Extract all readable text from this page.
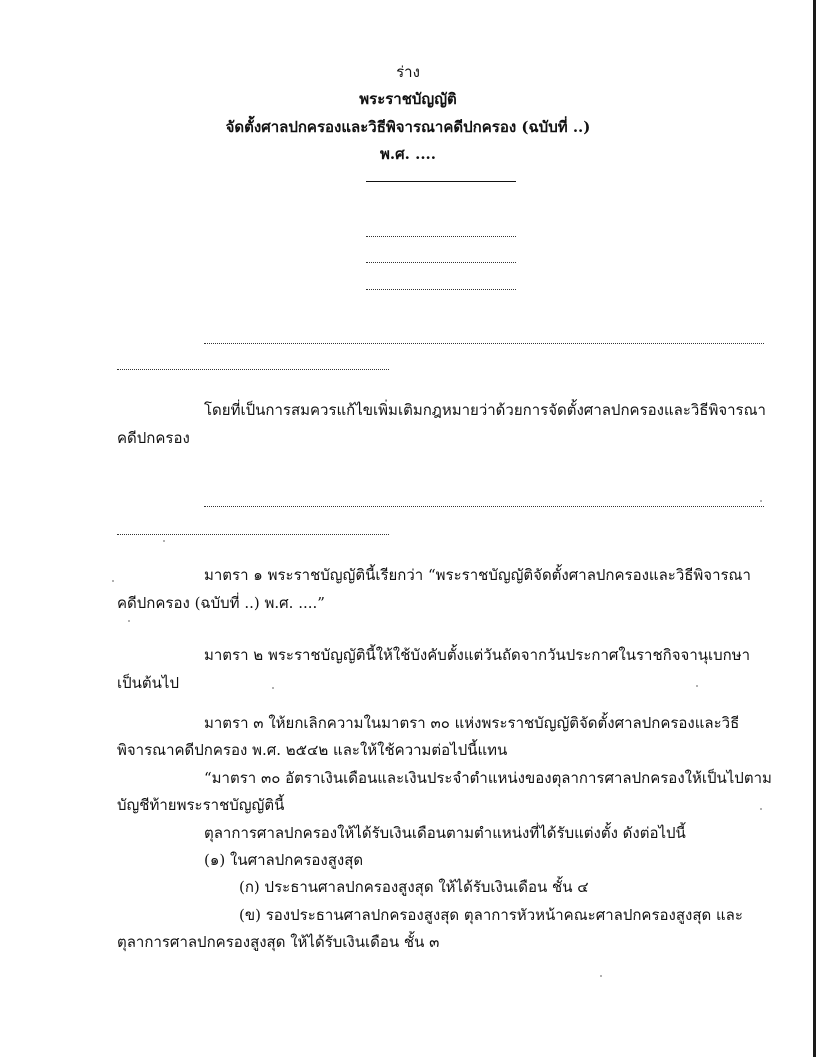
ร่าง
พระราชบัญญัติ
จัดตั้งศาลปกครองและวิธีพิจารณาคดีปกครอง (ฉบับที่ ..)
พ.ศ. ....
โดยที่เป็นการสมควรแก้ไขเพิ่มเติมกฎหมายว่าด้วยการจัดตั้งศาลปกครองและวิธีพิจารณา
คดีปกครอง
มาตรา ๑ พระราชบัญญัตินี้เรียกว่า “พระราชบัญญัติจัดตั้งศาลปกครองและวิธีพิจารณา
คดีปกครอง (ฉบับที่ ..) พ.ศ. ....”
มาตรา ๒ พระราชบัญญัตินี้ให้ใช้บังคับตั้งแต่วันถัดจากวันประกาศในราชกิจจานุเบกษา
เป็นต้นไป
มาตรา ๓ ให้ยกเลิกความในมาตรา ๓๐ แห่งพระราชบัญญัติจัดตั้งศาลปกครองและวิธี
พิจารณาคดีปกครอง พ.ศ. ๒๕๔๒ และให้ใช้ความต่อไปนี้แทน
“มาตรา ๓๐ อัตราเงินเดือนและเงินประจำตำแหน่งของตุลาการศาลปกครองให้เป็นไปตาม
บัญชีท้ายพระราชบัญญัตินี้
ตุลาการศาลปกครองให้ได้รับเงินเดือนตามตำแหน่งที่ได้รับแต่งตั้ง ดังต่อไปนี้
(๑) ในศาลปกครองสูงสุด
(ก) ประธานศาลปกครองสูงสุด ให้ได้รับเงินเดือน ชั้น ๔
(ข) รองประธานศาลปกครองสูงสุด ตุลาการหัวหน้าคณะศาลปกครองสูงสุด และ
ตุลาการศาลปกครองสูงสุด ให้ได้รับเงินเดือน ชั้น ๓
